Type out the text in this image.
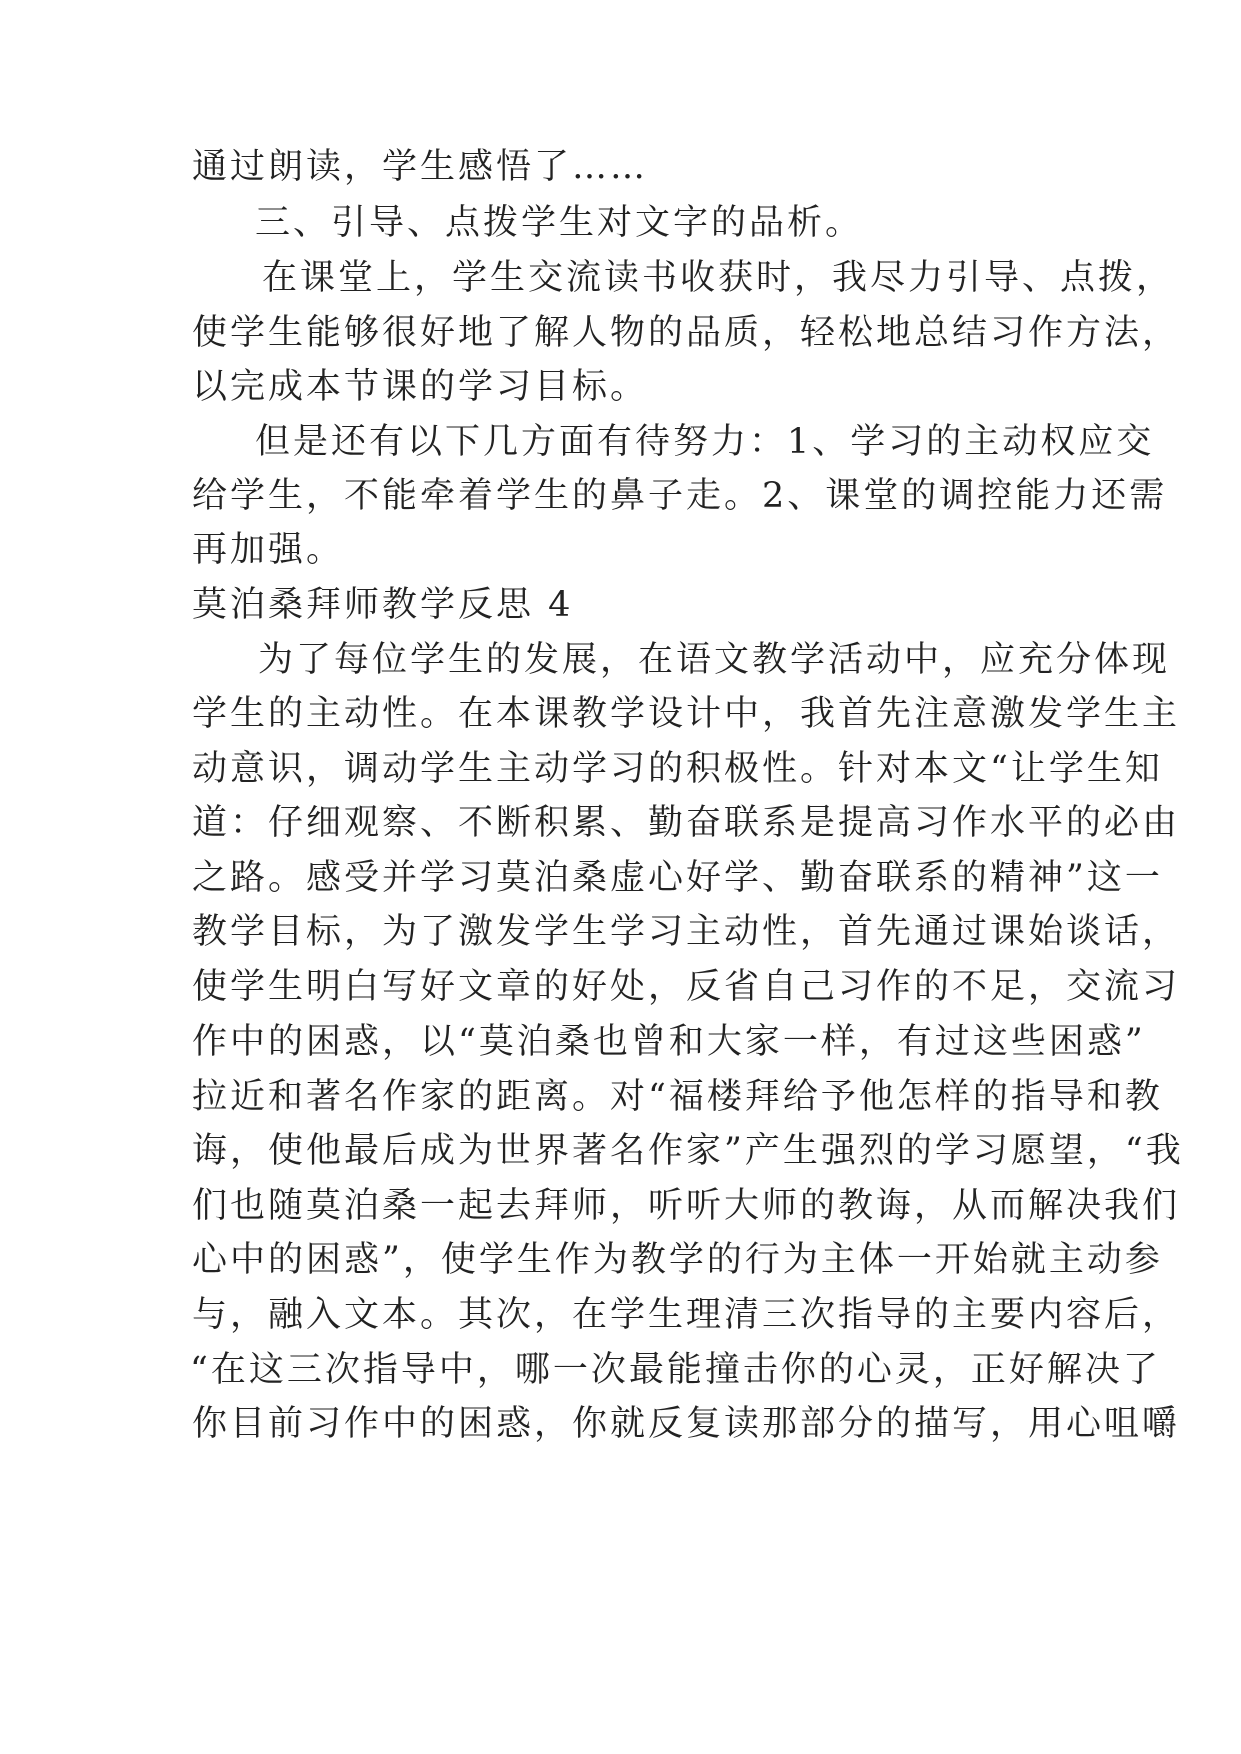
通过朗读，学生感悟了……
三、引导、点拨学生对文字的品析。
在课堂上，学生交流读书收获时，我尽力引导、点拨，
使学生能够很好地了解人物的品质，轻松地总结习作方法，
以完成本节课的学习目标。
但是还有以下几方面有待努力：1、学习的主动权应交
给学生，不能牵着学生的鼻子走。2、课堂的调控能力还需
再加强。
莫泊桑拜师教学反思 4
为了每位学生的发展，在语文教学活动中，应充分体现
学生的主动性。在本课教学设计中，我首先注意激发学生主
动意识，调动学生主动学习的积极性。针对本文“让学生知
道：仔细观察、不断积累、勤奋联系是提高习作水平的必由
之路。感受并学习莫泊桑虚心好学、勤奋联系的精神”这一
教学目标，为了激发学生学习主动性，首先通过课始谈话，
使学生明白写好文章的好处，反省自己习作的不足，交流习
作中的困惑，以“莫泊桑也曾和大家一样，有过这些困惑”
拉近和著名作家的距离。对“福楼拜给予他怎样的指导和教
诲，使他最后成为世界著名作家”产生强烈的学习愿望，“我
们也随莫泊桑一起去拜师，听听大师的教诲，从而解决我们
心中的困惑”，使学生作为教学的行为主体一开始就主动参
与，融入文本。其次，在学生理清三次指导的主要内容后，
“在这三次指导中，哪一次最能撞击你的心灵，正好解决了
你目前习作中的困惑，你就反复读那部分的描写，用心咀嚼
